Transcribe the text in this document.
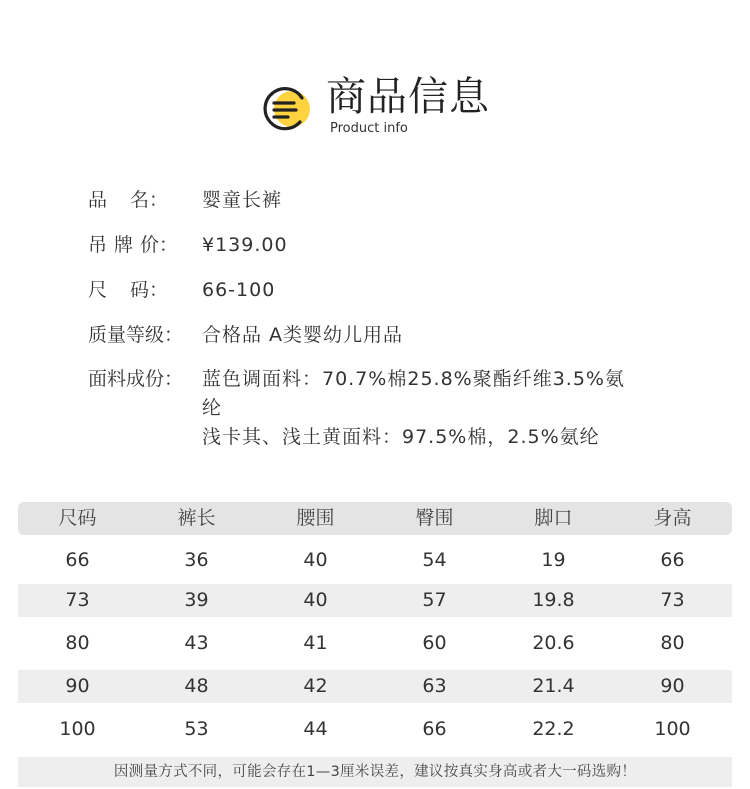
商品信息
Product info
品 名： 婴童长裤
吊 牌 价： ¥139.00
尺 码： 66-100
质量等级： 合格品 A类婴幼儿用品
面料成份： 蓝色调面料：70.7%棉25.8%聚酯纤维3.5%氨
纶
浅卡其、浅土黄面料：97.5%棉，2.5%氨纶
尺码	裤长	腰围	臀围	脚口	身高
66	36	40	54	19	66
73	39	40	57	19.8	73
80	43	41	60	20.6	80
90	48	42	63	21.4	90
100	53	44	66	22.2	100
因测量方式不同，可能会存在1—3厘米误差，建议按真实身高或者大一码选购！
